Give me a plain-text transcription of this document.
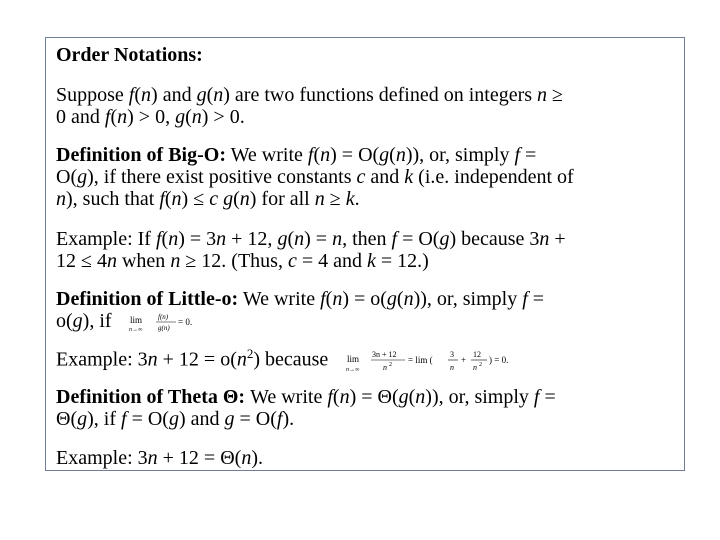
Order Notations:
Suppose f(n) and g(n) are two functions defined on integers n ≥
0 and f(n) > 0, g(n) > 0.
Definition of Big-O: We write f(n) = O(g(n)), or, simply f =
O(g), if there exist positive constants c and k (i.e. independent of
n), such that f(n) ≤ c g(n) for all n ≥ k.
Example: If f(n) = 3n + 12, g(n) = n, then f = O(g) because 3n +
12 ≤ 4n when n ≥ 12. (Thus, c = 4 and k = 12.)
Definition of Little-o: We write f(n) = o(g(n)), or, simply f =
o(g), if lim
n→∞
f(n)
g(n)
= 0.
Example: $3n + 12 = o(n^2)$ because lim
n→∞
3n + 12
n 2 = lim (
3
n
+
12
n 2 ) = 0.
Definition of Theta Θ: We write f(n) = Θ(g(n)), or, simply f =
Θ(g), if f = O(g) and g = O(f).
Example: 3n + 12 = Θ(n).
